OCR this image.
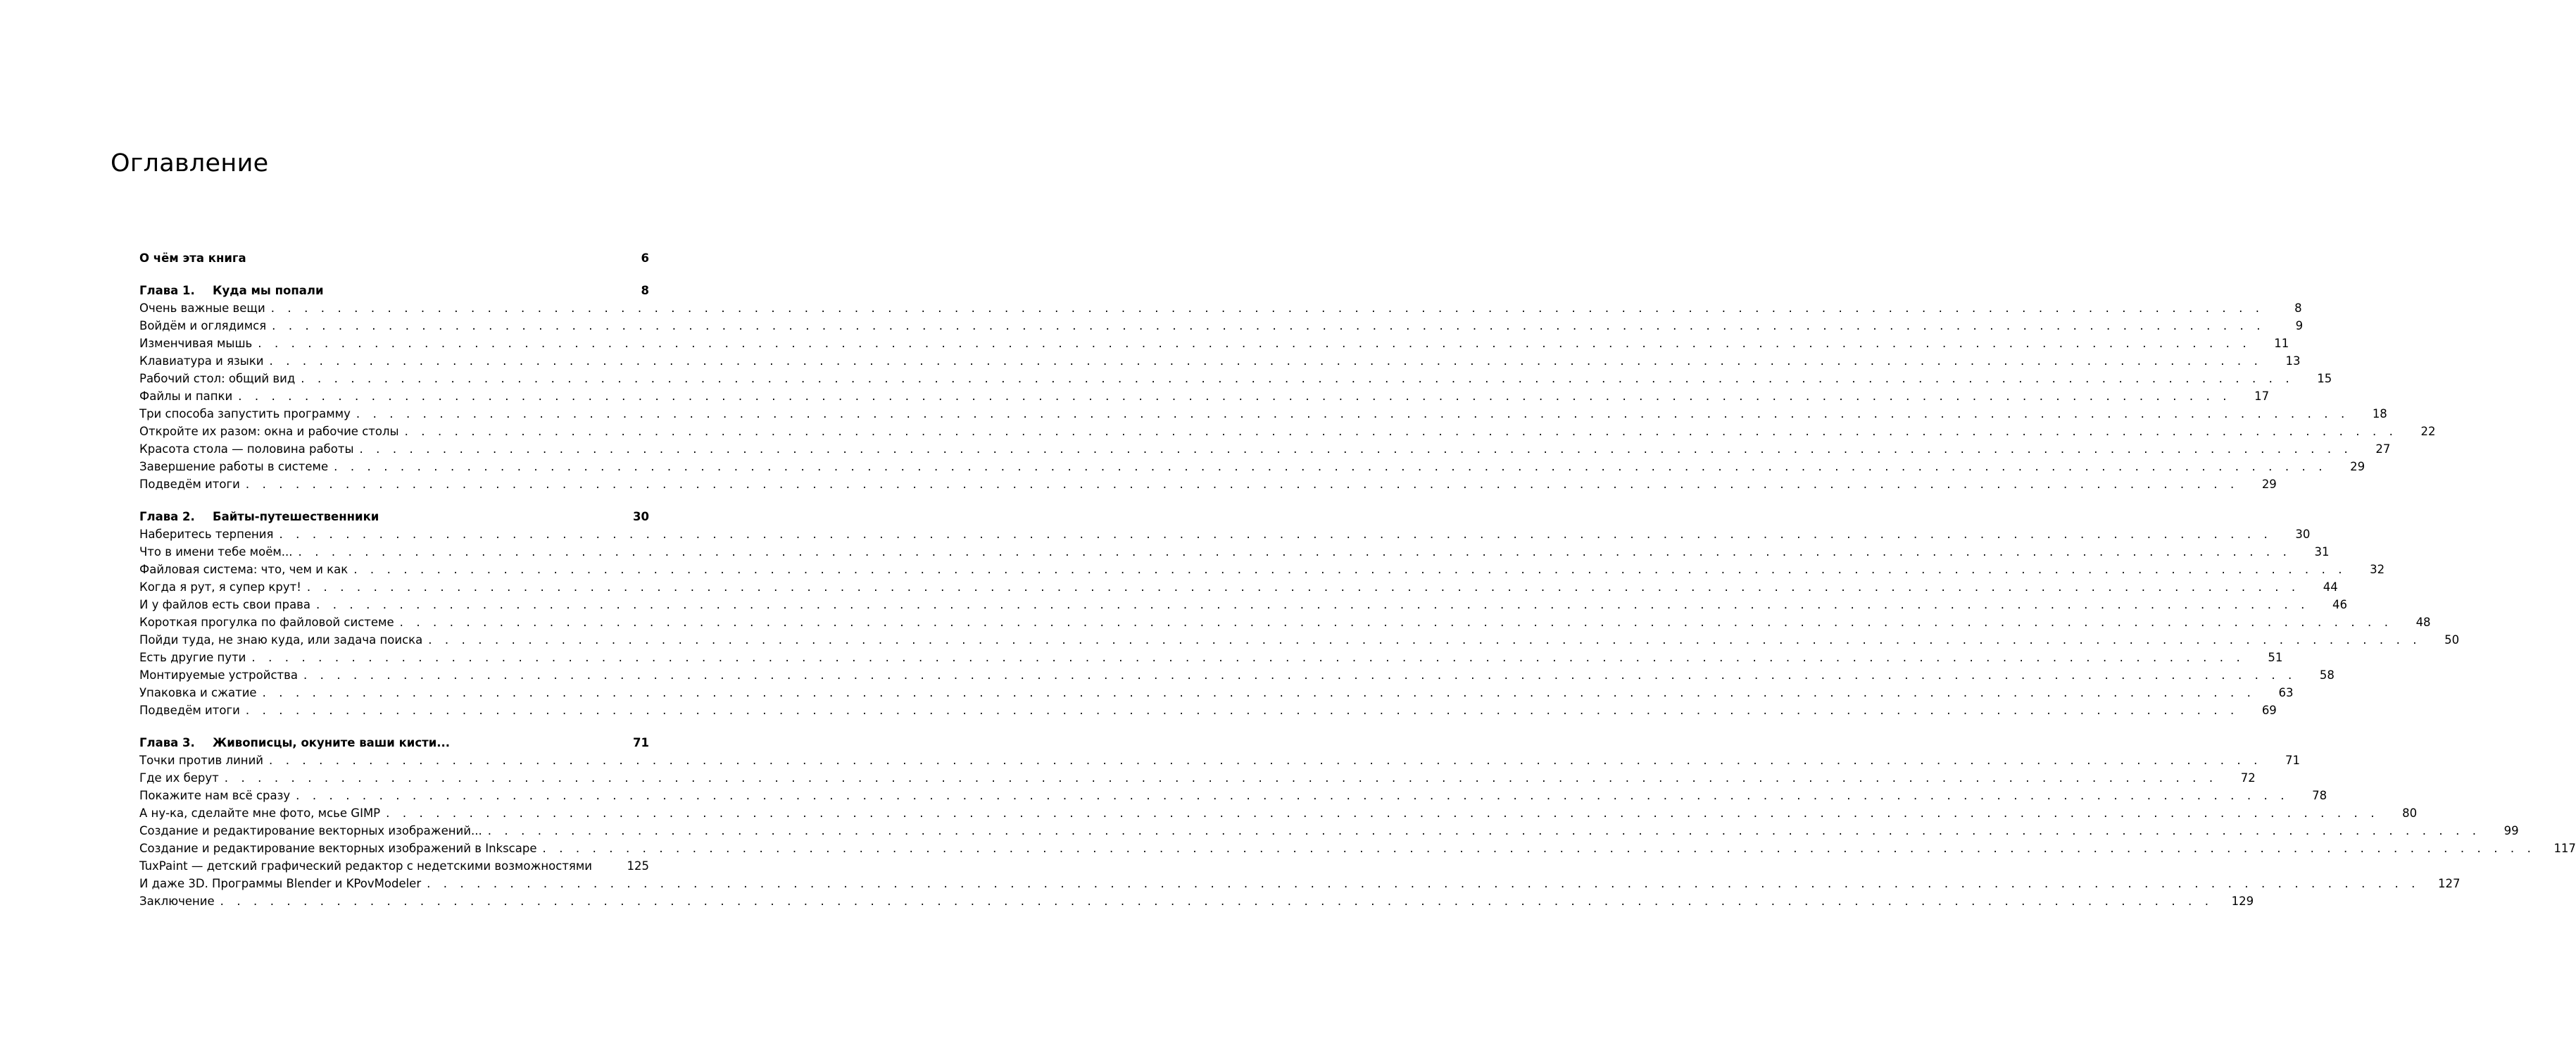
Оглавление
О чём эта книга	6
Глава 1. Куда мы попали	8
Очень важные вещи . . . . . . . . . . . . . . . . . . . . . . . . . . . . . . . . . . . . . . . . . . . . . . . . . . . . . . . . . . . . . . . . . . . . . . . . . . . . . . . . . . . . . . . . . . . . . . . . . . . . . . . . . . . . . . . . . . . . . . . .	8
Войдём и оглядимся . . . . . . . . . . . . . . . . . . . . . . . . . . . . . . . . . . . . . . . . . . . . . . . . . . . . . . . . . . . . . . . . . . . . . . . . . . . . . . . . . . . . . . . . . . . . . . . . . . . . . . . . . . . . . . . . . . . . . . . .	9
Изменчивая мышь . . . . . . . . . . . . . . . . . . . . . . . . . . . . . . . . . . . . . . . . . . . . . . . . . . . . . . . . . . . . . . . . . . . . . . . . . . . . . . . . . . . . . . . . . . . . . . . . . . . . . . . . . . . . . . . . . . . . . . . .	11
Клавиатура и языки . . . . . . . . . . . . . . . . . . . . . . . . . . . . . . . . . . . . . . . . . . . . . . . . . . . . . . . . . . . . . . . . . . . . . . . . . . . . . . . . . . . . . . . . . . . . . . . . . . . . . . . . . . . . . . . . . . . . . . . .	13
Рабочий стол: общий вид . . . . . . . . . . . . . . . . . . . . . . . . . . . . . . . . . . . . . . . . . . . . . . . . . . . . . . . . . . . . . . . . . . . . . . . . . . . . . . . . . . . . . . . . . . . . . . . . . . . . . . . . . . . . . . . . . . . . . . . .	15
Файлы и папки . . . . . . . . . . . . . . . . . . . . . . . . . . . . . . . . . . . . . . . . . . . . . . . . . . . . . . . . . . . . . . . . . . . . . . . . . . . . . . . . . . . . . . . . . . . . . . . . . . . . . . . . . . . . . . . . . . . . . . . .	17
Три способа запустить программу . . . . . . . . . . . . . . . . . . . . . . . . . . . . . . . . . . . . . . . . . . . . . . . . . . . . . . . . . . . . . . . . . . . . . . . . . . . . . . . . . . . . . . . . . . . . . . . . . . . . . . . . . . . . . . . . . . . . . . . .	18
Откройте их разом: окна и рабочие столы . . . . . . . . . . . . . . . . . . . . . . . . . . . . . . . . . . . . . . . . . . . . . . . . . . . . . . . . . . . . . . . . . . . . . . . . . . . . . . . . . . . . . . . . . . . . . . . . . . . . . . . . . . . . . . . . . . . . . . . .	22
Красота стола — половина работы . . . . . . . . . . . . . . . . . . . . . . . . . . . . . . . . . . . . . . . . . . . . . . . . . . . . . . . . . . . . . . . . . . . . . . . . . . . . . . . . . . . . . . . . . . . . . . . . . . . . . . . . . . . . . . . . . . . . . . . .	27
Завершение работы в системе . . . . . . . . . . . . . . . . . . . . . . . . . . . . . . . . . . . . . . . . . . . . . . . . . . . . . . . . . . . . . . . . . . . . . . . . . . . . . . . . . . . . . . . . . . . . . . . . . . . . . . . . . . . . . . . . . . . . . . . .	29
Подведём итоги . . . . . . . . . . . . . . . . . . . . . . . . . . . . . . . . . . . . . . . . . . . . . . . . . . . . . . . . . . . . . . . . . . . . . . . . . . . . . . . . . . . . . . . . . . . . . . . . . . . . . . . . . . . . . . . . . . . . . . . .	29
Глава 2. Байты-путешественники	30
Наберитесь терпения . . . . . . . . . . . . . . . . . . . . . . . . . . . . . . . . . . . . . . . . . . . . . . . . . . . . . . . . . . . . . . . . . . . . . . . . . . . . . . . . . . . . . . . . . . . . . . . . . . . . . . . . . . . . . . . . . . . . . . . .	30
Что в имени тебе моём... . . . . . . . . . . . . . . . . . . . . . . . . . . . . . . . . . . . . . . . . . . . . . . . . . . . . . . . . . . . . . . . . . . . . . . . . . . . . . . . . . . . . . . . . . . . . . . . . . . . . . . . . . . . . . . . . . . . . . . . .	31
Файловая система: что, чем и как . . . . . . . . . . . . . . . . . . . . . . . . . . . . . . . . . . . . . . . . . . . . . . . . . . . . . . . . . . . . . . . . . . . . . . . . . . . . . . . . . . . . . . . . . . . . . . . . . . . . . . . . . . . . . . . . . . . . . . . .	32
Когда я рут, я супер крут! . . . . . . . . . . . . . . . . . . . . . . . . . . . . . . . . . . . . . . . . . . . . . . . . . . . . . . . . . . . . . . . . . . . . . . . . . . . . . . . . . . . . . . . . . . . . . . . . . . . . . . . . . . . . . . . . . . . . . . . .	44
И у файлов есть свои права . . . . . . . . . . . . . . . . . . . . . . . . . . . . . . . . . . . . . . . . . . . . . . . . . . . . . . . . . . . . . . . . . . . . . . . . . . . . . . . . . . . . . . . . . . . . . . . . . . . . . . . . . . . . . . . . . . . . . . . .	46
Короткая прогулка по файловой системе . . . . . . . . . . . . . . . . . . . . . . . . . . . . . . . . . . . . . . . . . . . . . . . . . . . . . . . . . . . . . . . . . . . . . . . . . . . . . . . . . . . . . . . . . . . . . . . . . . . . . . . . . . . . . . . . . . . . . . . .	48
Пойди туда, не знаю куда, или задача поиска . . . . . . . . . . . . . . . . . . . . . . . . . . . . . . . . . . . . . . . . . . . . . . . . . . . . . . . . . . . . . . . . . . . . . . . . . . . . . . . . . . . . . . . . . . . . . . . . . . . . . . . . . . . . . . . . . . . . . . . .	50
Есть другие пути . . . . . . . . . . . . . . . . . . . . . . . . . . . . . . . . . . . . . . . . . . . . . . . . . . . . . . . . . . . . . . . . . . . . . . . . . . . . . . . . . . . . . . . . . . . . . . . . . . . . . . . . . . . . . . . . . . . . . . . .	51
Монтируемые устройства . . . . . . . . . . . . . . . . . . . . . . . . . . . . . . . . . . . . . . . . . . . . . . . . . . . . . . . . . . . . . . . . . . . . . . . . . . . . . . . . . . . . . . . . . . . . . . . . . . . . . . . . . . . . . . . . . . . . . . . .	58
Упаковка и сжатие . . . . . . . . . . . . . . . . . . . . . . . . . . . . . . . . . . . . . . . . . . . . . . . . . . . . . . . . . . . . . . . . . . . . . . . . . . . . . . . . . . . . . . . . . . . . . . . . . . . . . . . . . . . . . . . . . . . . . . . .	63
Подведём итоги . . . . . . . . . . . . . . . . . . . . . . . . . . . . . . . . . . . . . . . . . . . . . . . . . . . . . . . . . . . . . . . . . . . . . . . . . . . . . . . . . . . . . . . . . . . . . . . . . . . . . . . . . . . . . . . . . . . . . . . .	69
Глава 3. Живописцы, окуните ваши кисти...	71
Точки против линий . . . . . . . . . . . . . . . . . . . . . . . . . . . . . . . . . . . . . . . . . . . . . . . . . . . . . . . . . . . . . . . . . . . . . . . . . . . . . . . . . . . . . . . . . . . . . . . . . . . . . . . . . . . . . . . . . . . . . . . .	71
Где их берут . . . . . . . . . . . . . . . . . . . . . . . . . . . . . . . . . . . . . . . . . . . . . . . . . . . . . . . . . . . . . . . . . . . . . . . . . . . . . . . . . . . . . . . . . . . . . . . . . . . . . . . . . . . . . . . . . . . . . . . .	72
Покажите нам всё сразу . . . . . . . . . . . . . . . . . . . . . . . . . . . . . . . . . . . . . . . . . . . . . . . . . . . . . . . . . . . . . . . . . . . . . . . . . . . . . . . . . . . . . . . . . . . . . . . . . . . . . . . . . . . . . . . . . . . . . . . .	78
А ну-ка, сделайте мне фото, мсье GIMP . . . . . . . . . . . . . . . . . . . . . . . . . . . . . . . . . . . . . . . . . . . . . . . . . . . . . . . . . . . . . . . . . . . . . . . . . . . . . . . . . . . . . . . . . . . . . . . . . . . . . . . . . . . . . . . . . . . . . . . .	80
Создание и редактирование векторных изображений... . . . . . . . . . . . . . . . . . . . . . . . . . . . . . . . . . . . . . . . . . . . . . . . . . . . . . . . . . . . . . . . . . . . . . . . . . . . . . . . . . . . . . . . . . . . . . . . . . . . . . . . . . . . . . . . . . . . . . . . .	99
Создание и редактирование векторных изображений в Inkscape . . . . . . . . . . . . . . . . . . . . . . . . . . . . . . . . . . . . . . . . . . . . . . . . . . . . . . . . . . . . . . . . . . . . . . . . . . . . . . . . . . . . . . . . . . . . . . . . . . . . . . . . . . . . . . . . . . . . . . . . 117
TuxPaint — детский графический редактор с недетскими возможностями	125
И даже 3D. Программы Blender и KPovModeler . . . . . . . . . . . . . . . . . . . . . . . . . . . . . . . . . . . . . . . . . . . . . . . . . . . . . . . . . . . . . . . . . . . . . . . . . . . . . . . . . . . . . . . . . . . . . . . . . . . . . . . . . . . . . . . . . . . . . . . . 127
Заключение . . . . . . . . . . . . . . . . . . . . . . . . . . . . . . . . . . . . . . . . . . . . . . . . . . . . . . . . . . . . . . . . . . . . . . . . . . . . . . . . . . . . . . . . . . . . . . . . . . . . . . . . . . . . . . . . . . . . . . . . 129
